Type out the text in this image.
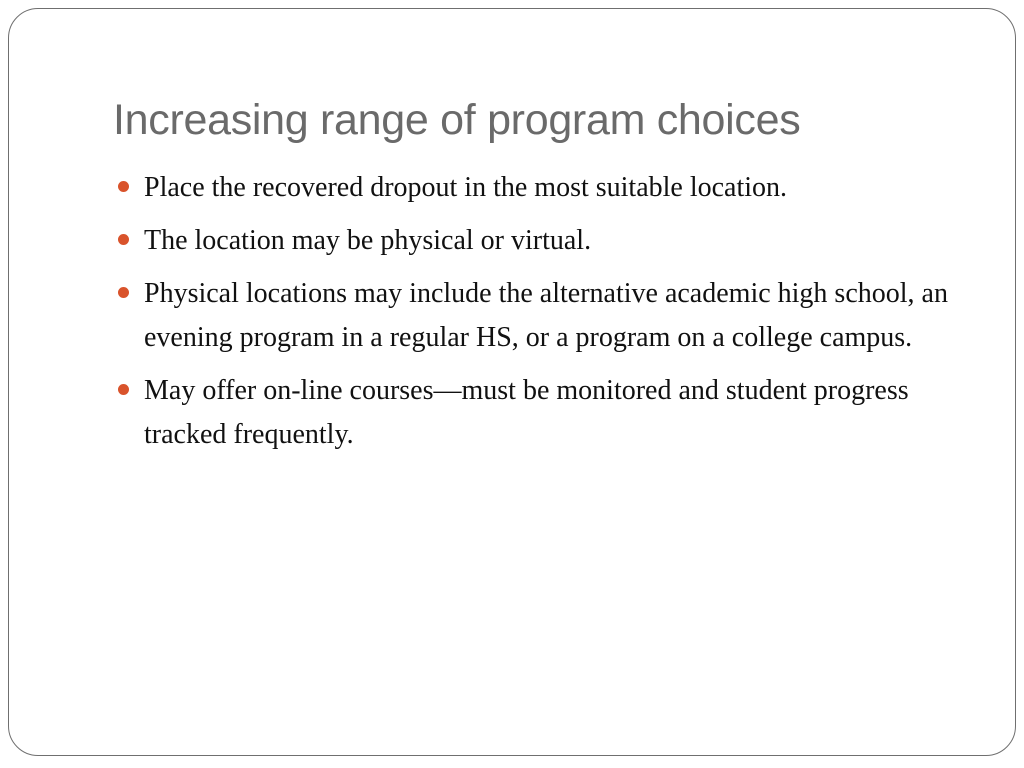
Increasing range of program choices
Place the recovered dropout in the most suitable location.
The location may be physical or virtual.
Physical locations may include the alternative academic high school, an evening program in a regular HS, or a program on a college campus.
May offer on-line courses—must be monitored and student progress tracked frequently.
